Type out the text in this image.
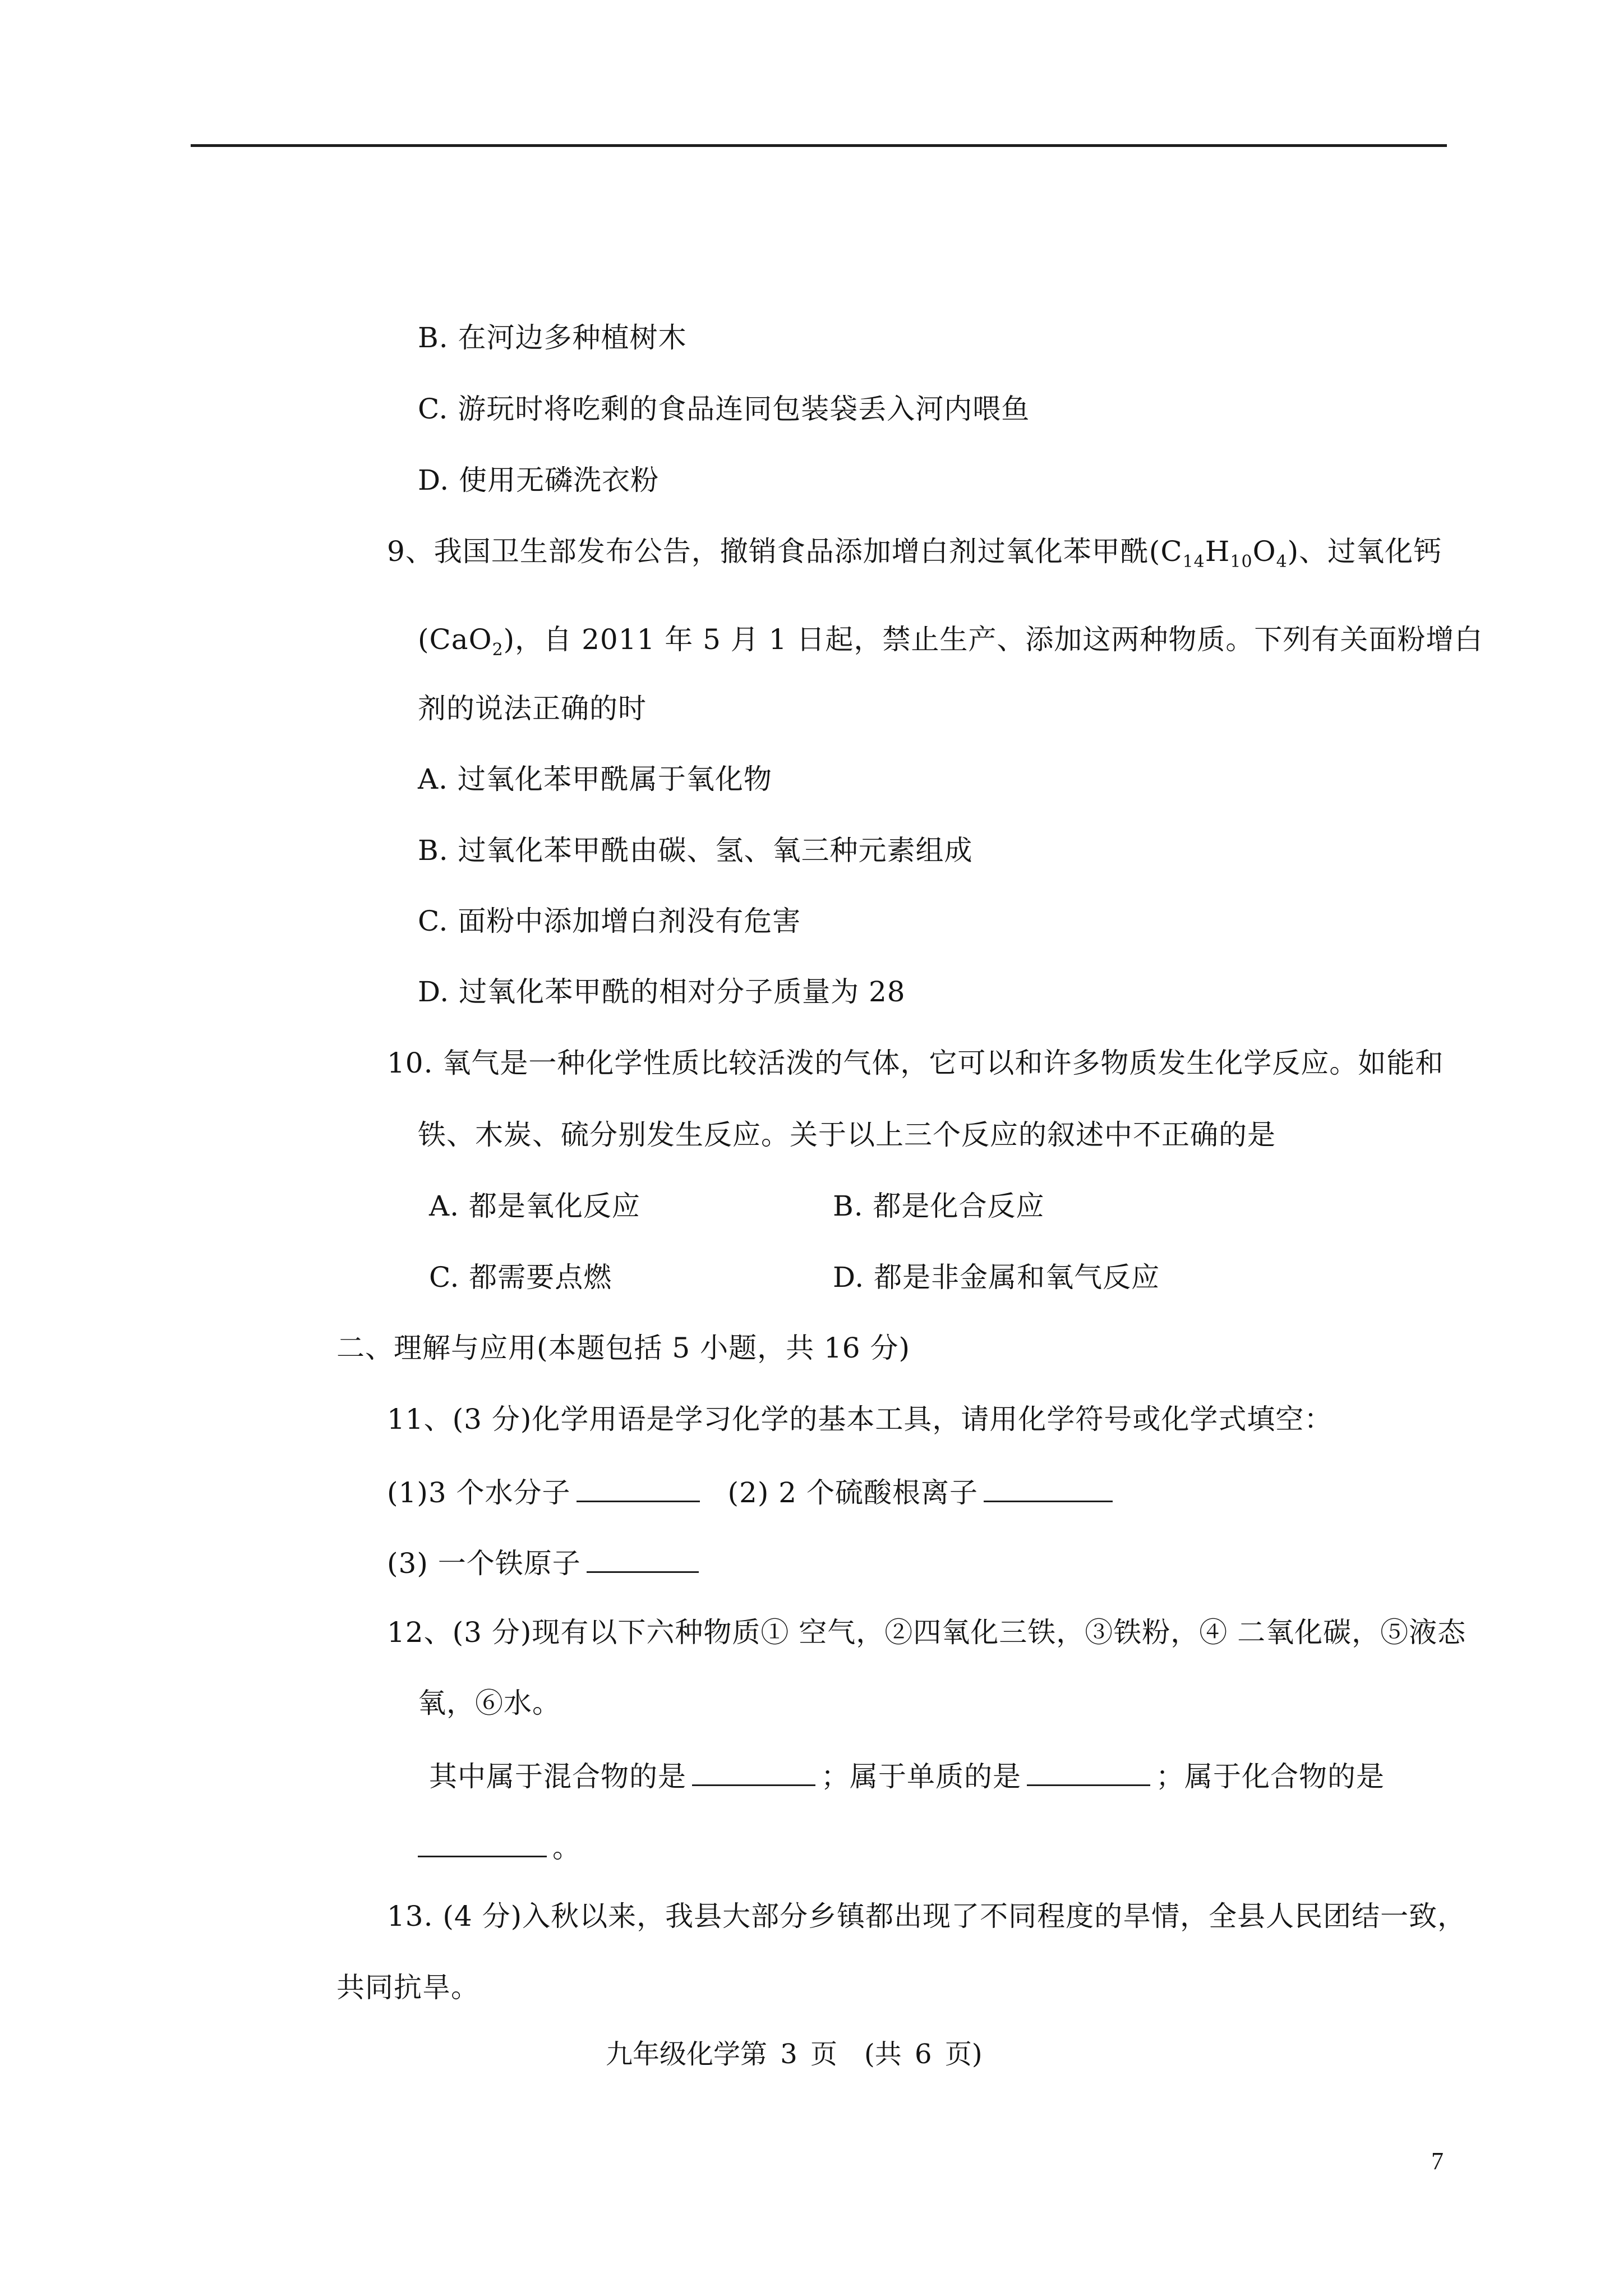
B. 在河边多种植树木
C. 游玩时将吃剩的食品连同包装袋丢入河内喂鱼
D. 使用无磷洗衣粉
9、我国卫生部发布公告，撤销食品添加增白剂过氧化苯甲酰$(C_{14}H_{10}O_4)$、过氧化钙
(CaO$_2$)，自 2011 年 5 月 1 日起，禁止生产、添加这两种物质。下列有关面粉增白
剂的说法正确的时
A. 过氧化苯甲酰属于氧化物
B. 过氧化苯甲酰由碳、氢、氧三种元素组成
C. 面粉中添加增白剂没有危害
D. 过氧化苯甲酰的相对分子质量为 28
10. 氧气是一种化学性质比较活泼的气体，它可以和许多物质发生化学反应。如能和
铁、木炭、硫分别发生反应。关于以上三个反应的叙述中不正确的是
A. 都是氧化反应	B. 都是化合反应
C. 都需要点燃	D. 都是非金属和氧气反应
二、理解与应用(本题包括 5 小题，共 16 分)
11、(3 分)化学用语是学习化学的基本工具，请用化学符号或化学式填空：
(1)3 个水分子	(2) 2 个硫酸根离子
(3) 一个铁原子
12、(3 分)现有以下六种物质① 空气，②四氧化三铁，③铁粉，④ 二氧化碳，⑤液态
氧，⑥水。
其中属于混合物的是	；属于单质的是	；属于化合物的是
。
13. (4 分)入秋以来，我县大部分乡镇都出现了不同程度的旱情，全县人民团结一致，
共同抗旱。
九年级化学第 3 页　(共 6 页)
7
